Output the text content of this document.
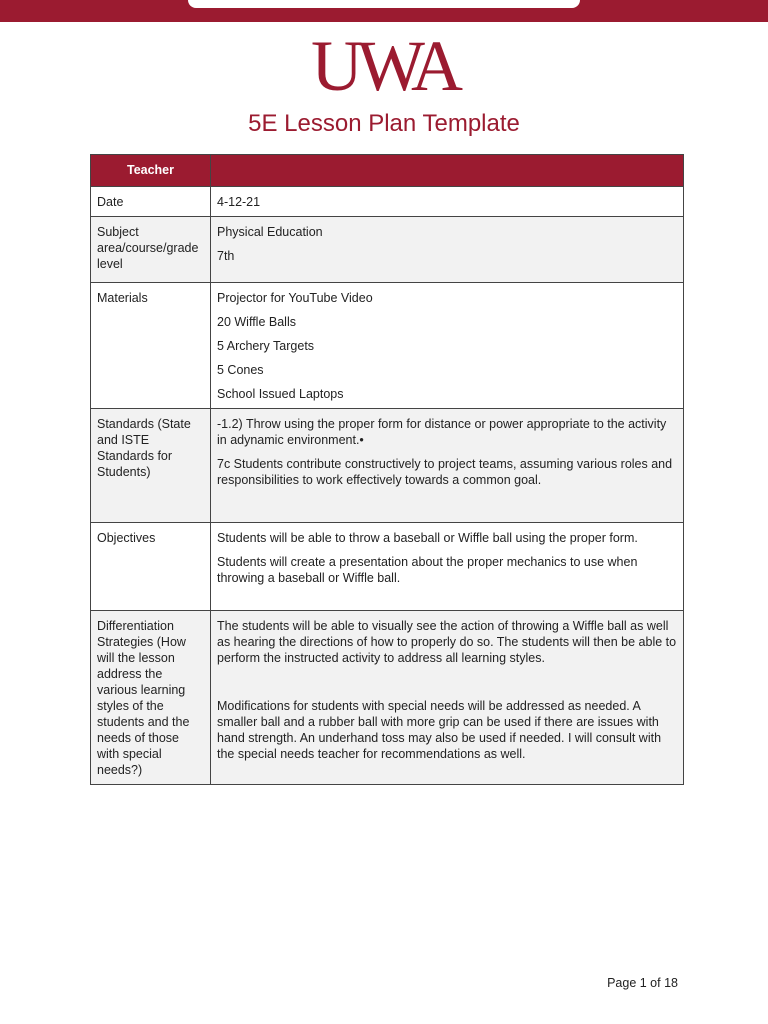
UWA
5E Lesson Plan Template
Teacher	
Date	4-12-21

Subject area/course/grade level	Physical Education

7th

Materials	Projector for YouTube Video

20 Wiffle Balls

5 Archery Targets

5 Cones

School Issued Laptops

Standards (State and ISTE Standards for Students)	-1.2) Throw using the proper form for distance or power appropriate to the activity in adynamic environment.•

7c Students contribute constructively to project teams, assuming various roles and responsibilities to work effectively towards a common goal.

Objectives	Students will be able to throw a baseball or Wiffle ball using the proper form.

Students will create a presentation about the proper mechanics to use when throwing a baseball or Wiffle ball.

Differentiation Strategies (How will the lesson address the various learning styles of the students and the needs of those with special needs?)	The students will be able to visually see the action of throwing a Wiffle ball as well as hearing the directions of how to properly do so. The students will then be able to perform the instructed activity to address all learning styles.

Modifications for students with special needs will be addressed as needed. A smaller ball and a rubber ball with more grip can be used if there are issues with hand strength. An underhand toss may also be used if needed. I will consult with the special needs teacher for recommendations as well.

Page 1 of 18
